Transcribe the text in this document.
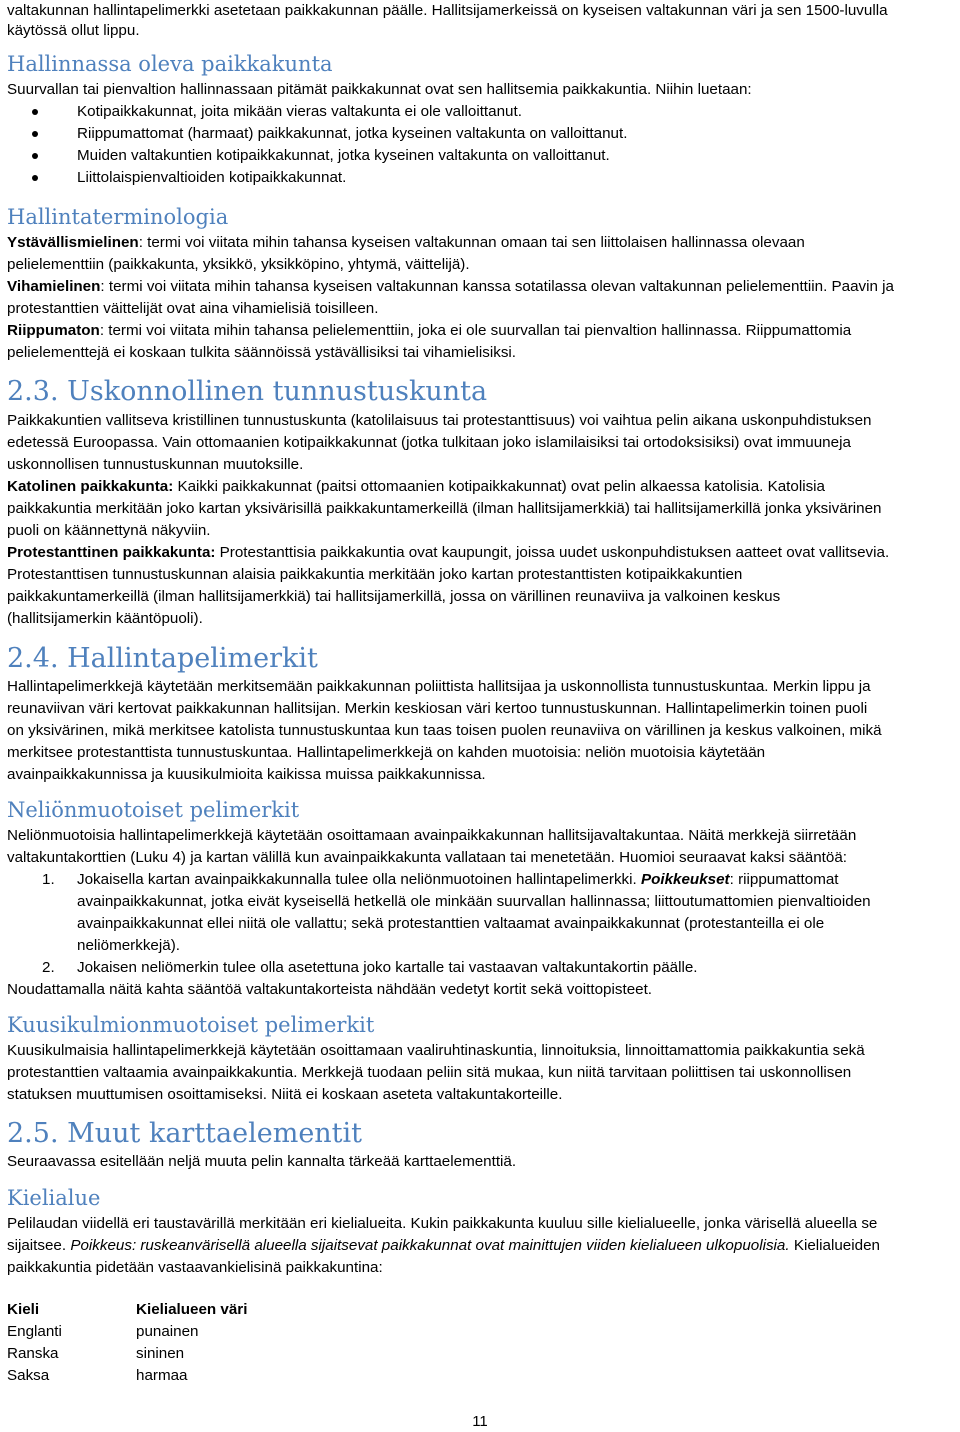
valtakunnan hallintapelimerkki asetetaan paikkakunnan päälle. Hallitsijamerkeissä on kyseisen valtakunnan väri ja sen 1500-luvulla
käytössä ollut lippu.
Hallinnassa oleva paikkakunta
Suurvallan tai pienvaltion hallinnassaan pitämät paikkakunnat ovat sen hallitsemia paikkakuntia. Niihin luetaan:
Kotipaikkakunnat, joita mikään vieras valtakunta ei ole valloittanut.
Riippumattomat (harmaat) paikkakunnat, jotka kyseinen valtakunta on valloittanut.
Muiden valtakuntien kotipaikkakunnat, jotka kyseinen valtakunta on valloittanut.
Liittolaispienvaltioiden kotipaikkakunnat.
Hallintaterminologia
Ystävällismielinen: termi voi viitata mihin tahansa kyseisen valtakunnan omaan tai sen liittolaisen hallinnassa olevaan
pelielementtiin (paikkakunta, yksikkö, yksikköpino, yhtymä, väittelijä).
Vihamielinen: termi voi viitata mihin tahansa kyseisen valtakunnan kanssa sotatilassa olevan valtakunnan pelielementtiin. Paavin ja
protestanttien väittelijät ovat aina vihamielisiä toisilleen.
Riippumaton: termi voi viitata mihin tahansa pelielementtiin, joka ei ole suurvallan tai pienvaltion hallinnassa. Riippumattomia
pelielementtejä ei koskaan tulkita säännöissä ystävällisiksi tai vihamielisiksi.
2.3. Uskonnollinen tunnustuskunta
Paikkakuntien vallitseva kristillinen tunnustuskunta (katolilaisuus tai protestanttisuus) voi vaihtua pelin aikana uskonpuhdistuksen
edetessä Euroopassa. Vain ottomaanien kotipaikkakunnat (jotka tulkitaan joko islamilaisiksi tai ortodoksisiksi) ovat immuuneja
uskonnollisen tunnustuskunnan muutoksille.
Katolinen paikkakunta: Kaikki paikkakunnat (paitsi ottomaanien kotipaikkakunnat) ovat pelin alkaessa katolisia. Katolisia
paikkakuntia merkitään joko kartan yksivärisillä paikkakuntamerkeillä (ilman hallitsijamerkkiä) tai hallitsijamerkillä jonka yksivärinen
puoli on käännettynä näkyviin.
Protestanttinen paikkakunta: Protestanttisia paikkakuntia ovat kaupungit, joissa uudet uskonpuhdistuksen aatteet ovat vallitsevia.
Protestanttisen tunnustuskunnan alaisia paikkakuntia merkitään joko kartan protestanttisten kotipaikkakuntien
paikkakuntamerkeillä (ilman hallitsijamerkkiä) tai hallitsijamerkillä, jossa on värillinen reunaviiva ja valkoinen keskus
(hallitsijamerkin kääntöpuoli).
2.4. Hallintapelimerkit
Hallintapelimerkkejä käytetään merkitsemään paikkakunnan poliittista hallitsijaa ja uskonnollista tunnustuskuntaa. Merkin lippu ja
reunaviivan väri kertovat paikkakunnan hallitsijan. Merkin keskiosan väri kertoo tunnustuskunnan. Hallintapelimerkin toinen puoli
on yksivärinen, mikä merkitsee katolista tunnustuskuntaa kun taas toisen puolen reunaviiva on värillinen ja keskus valkoinen, mikä
merkitsee protestanttista tunnustuskuntaa. Hallintapelimerkkejä on kahden muotoisia: neliön muotoisia käytetään
avainpaikkakunnissa ja kuusikulmioita kaikissa muissa paikkakunnissa.
Neliönmuotoiset pelimerkit
Neliönmuotoisia hallintapelimerkkejä käytetään osoittamaan avainpaikkakunnan hallitsijavaltakuntaa. Näitä merkkejä siirretään
valtakuntakorttien (Luku 4) ja kartan välillä kun avainpaikkakunta vallataan tai menetetään. Huomioi seuraavat kaksi sääntöä:
1. Jokaisella kartan avainpaikkakunnalla tulee olla neliönmuotoinen hallintapelimerkki. Poikkeukset: riippumattomat
avainpaikkakunnat, jotka eivät kyseisellä hetkellä ole minkään suurvallan hallinnassa; liittoutumattomien pienvaltioiden
avainpaikkakunnat ellei niitä ole vallattu; sekä protestanttien valtaamat avainpaikkakunnat (protestanteilla ei ole
neliömerkkejä).
2. Jokaisen neliömerkin tulee olla asetettuna joko kartalle tai vastaavan valtakuntakortin päälle.
Noudattamalla näitä kahta sääntöä valtakuntakorteista nähdään vedetyt kortit sekä voittopisteet.
Kuusikulmionmuotoiset pelimerkit
Kuusikulmaisia hallintapelimerkkejä käytetään osoittamaan vaaliruhtinaskuntia, linnoituksia, linnoittamattomia paikkakuntia sekä
protestanttien valtaamia avainpaikkakuntia. Merkkejä tuodaan peliin sitä mukaa, kun niitä tarvitaan poliittisen tai uskonnollisen
statuksen muuttumisen osoittamiseksi. Niitä ei koskaan aseteta valtakuntakorteille.
2.5. Muut karttaelementit
Seuraavassa esitellään neljä muuta pelin kannalta tärkeää karttaelementtiä.
Kielialue
Pelilaudan viidellä eri taustavärillä merkitään eri kielialueita. Kukin paikkakunta kuuluu sille kielialueelle, jonka värisellä alueella se
sijaitsee. Poikkeus: ruskeanvärisellä alueella sijaitsevat paikkakunnat ovat mainittujen viiden kielialueen ulkopuolisia. Kielialueiden
paikkakuntia pidetään vastaavankielisinä paikkakuntina:
Kieli	Kielialueen väri
Englanti	punainen
Ranska	sininen
Saksa	harmaa
11
